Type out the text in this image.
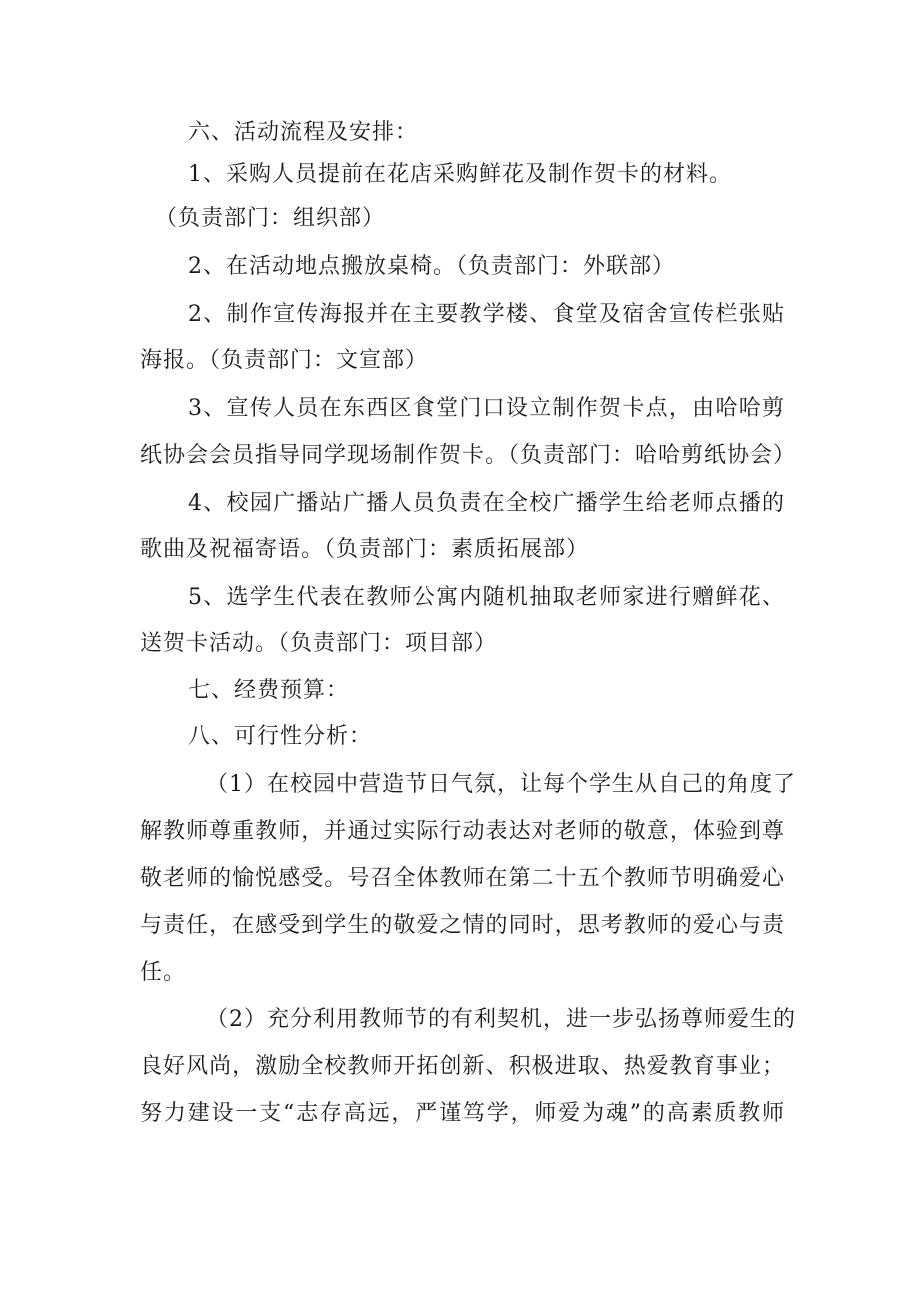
六、活动流程及安排：
1、采购人员提前在花店采购鲜花及制作贺卡的材料。
（负责部门：组织部）
2、在活动地点搬放桌椅。（负责部门：外联部）
2、制作宣传海报并在主要教学楼、食堂及宿舍宣传栏张贴
海报。（负责部门：文宣部）
3、宣传人员在东西区食堂门口设立制作贺卡点，由哈哈剪
纸协会会员指导同学现场制作贺卡。（负责部门：哈哈剪纸协会）
4、校园广播站广播人员负责在全校广播学生给老师点播的
歌曲及祝福寄语。（负责部门：素质拓展部）
5、选学生代表在教师公寓内随机抽取老师家进行赠鲜花、
送贺卡活动。（负责部门：项目部）
七、经费预算：
八、可行性分析：
（1）在校园中营造节日气氛，让每个学生从自己的角度了
解教师尊重教师，并通过实际行动表达对老师的敬意，体验到尊
敬老师的愉悦感受。号召全体教师在第二十五个教师节明确爱心
与责任，在感受到学生的敬爱之情的同时，思考教师的爱心与责
任。
（2）充分利用教师节的有利契机，进一步弘扬尊师爱生的
良好风尚，激励全校教师开拓创新、积极进取、热爱教育事业；
努力建设一支“志存高远，严谨笃学，师爱为魂”的高素质教师
